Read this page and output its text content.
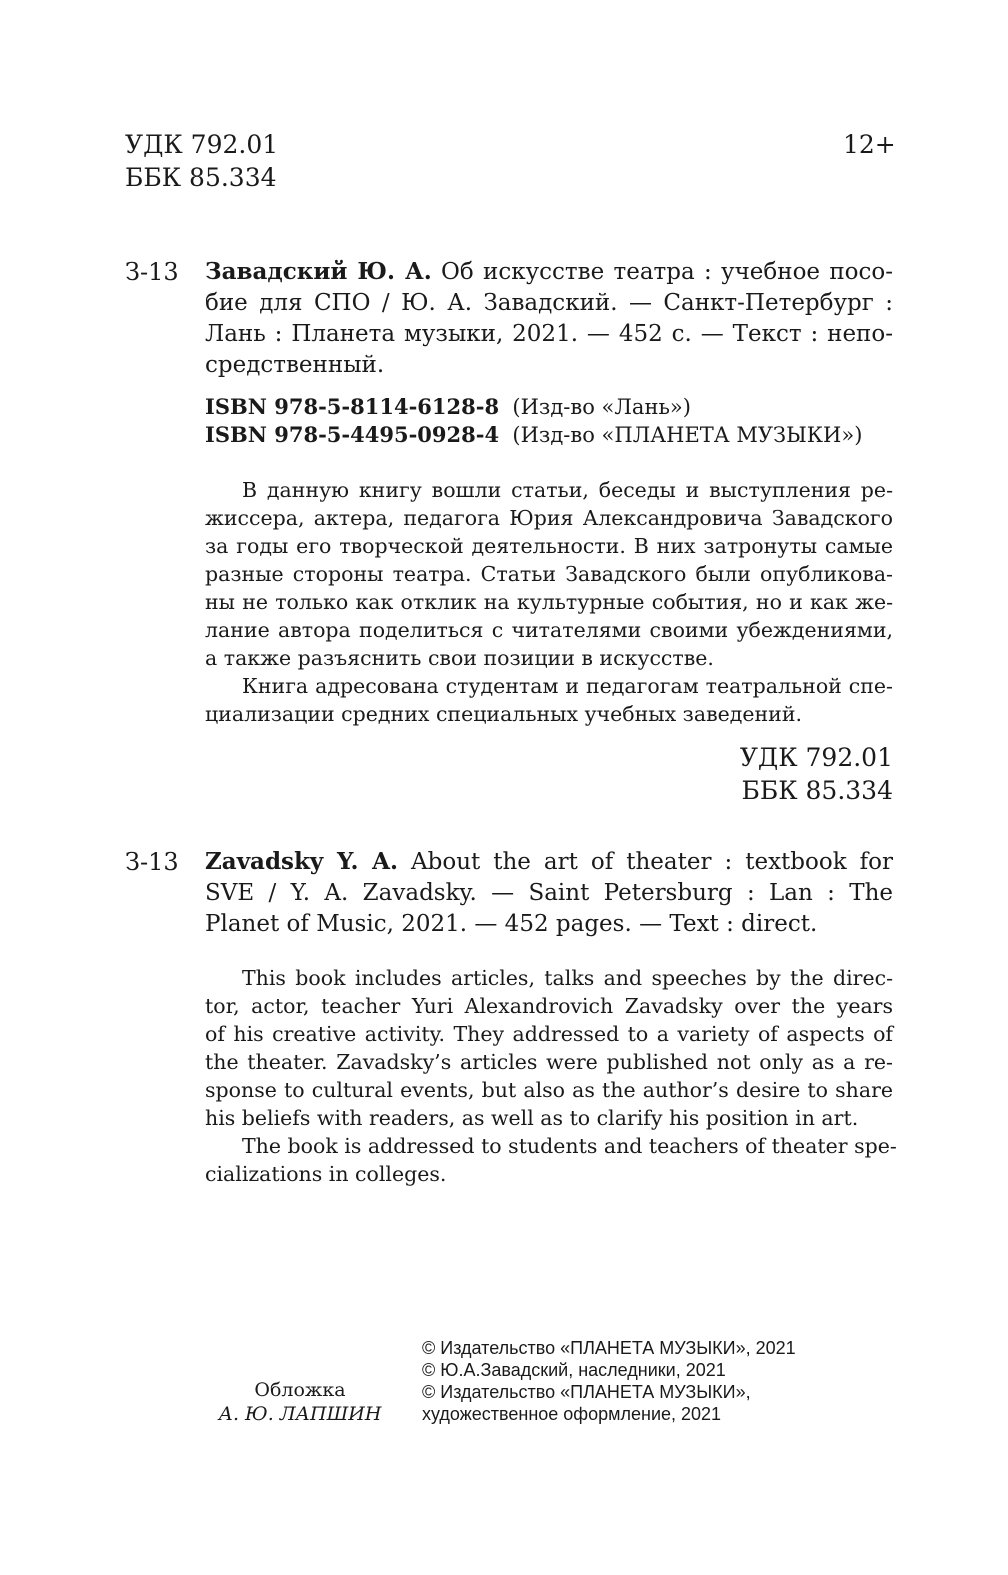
УДК 792.01
ББК 85.334
12+
З-13 Завадский Ю. А. Об искусстве театра : учебное посо-
бие для СПО / Ю. А. Завадский. — Санкт-Петербург :
Лань : Планета музыки, 2021. — 452 с. — Текст : непо-
средственный.
ISBN 978-5-8114-6128-8 (Изд-во «Лань»)
ISBN 978-5-4495-0928-4 (Изд-во «ПЛАНЕТА МУЗЫКИ»)
В данную книгу вошли статьи, беседы и выступления ре-
жиссера, актера, педагога Юрия Александровича Завадского
за годы его творческой деятельности. В них затронуты самые
разные стороны театра. Статьи Завадского были опубликова-
ны не только как отклик на культурные события, но и как же-
лание автора поделиться с читателями своими убеждениями,
а также разъяснить свои позиции в искусстве.
Книга адресована студентам и педагогам театральной спе-
циализации средних специальных учебных заведений.
УДК 792.01
ББК 85.334
З-13 Zavadsky Y. A. About the art of theater : textbook for
SVE / Y. A. Zavadsky. — Saint Petersburg : Lan : The
Planet of Music, 2021. — 452 pages. — Text : direct.
This book includes articles, talks and speeches by the direc-
tor, actor, teacher Yuri Alexandrovich Zavadsky over the years
of his creative activity. They addressed to a variety of aspects of
the theater. Zavadsky’s articles were published not only as a re-
sponse to cultural events, but also as the author’s desire to share
his beliefs with readers, as well as to clarify his position in art.
The book is addressed to students and teachers of theater spe-
cializations in colleges.
Обложка
А. Ю. ЛАПШИН
© Издательство «ПЛАНЕТА МУЗЫКИ», 2021
© Ю.А.Завадский, наследники, 2021
© Издательство «ПЛАНЕТА МУЗЫКИ»,
художественное оформление, 2021
